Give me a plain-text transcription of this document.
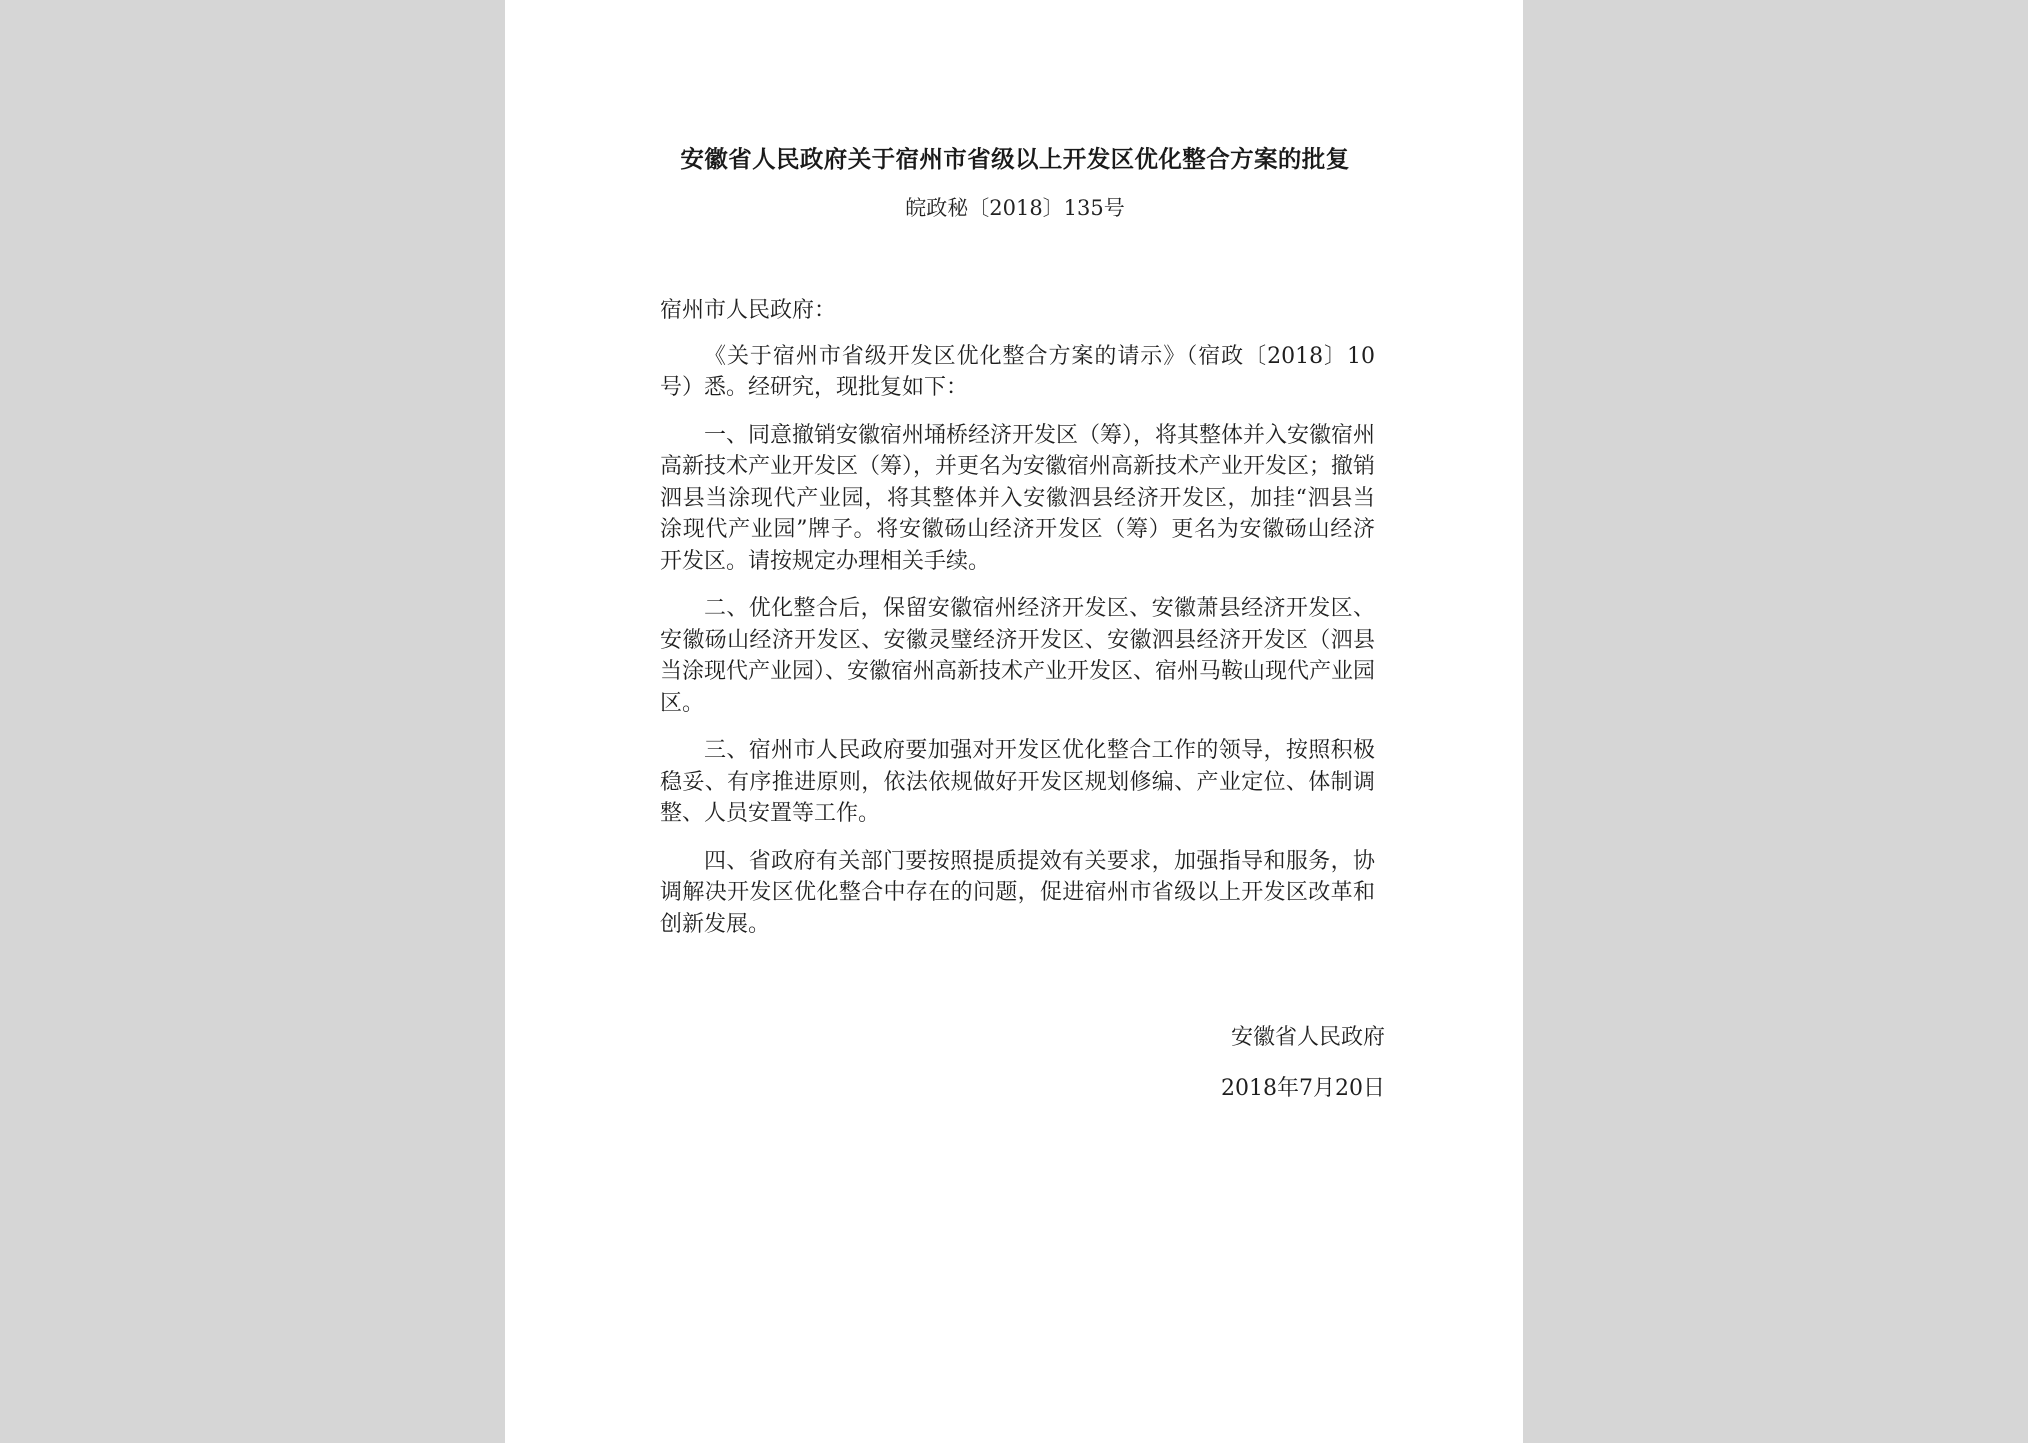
安徽省人民政府关于宿州市省级以上开发区优化整合方案的批复
皖政秘〔2018〕135号
宿州市人民政府：

《关于宿州市省级开发区优化整合方案的请示》（宿政〔2018〕10号）悉。经研究，现批复如下：

一、同意撤销安徽宿州埇桥经济开发区（筹），将其整体并入安徽宿州高新技术产业开发区（筹），并更名为安徽宿州高新技术产业开发区；撤销泗县当涂现代产业园，将其整体并入安徽泗县经济开发区，加挂“泗县当涂现代产业园”牌子。将安徽砀山经济开发区（筹）更名为安徽砀山经济开发区。请按规定办理相关手续。

二、优化整合后，保留安徽宿州经济开发区、安徽萧县经济开发区、安徽砀山经济开发区、安徽灵璧经济开发区、安徽泗县经济开发区（泗县当涂现代产业园）、安徽宿州高新技术产业开发区、宿州马鞍山现代产业园区。

三、宿州市人民政府要加强对开发区优化整合工作的领导，按照积极稳妥、有序推进原则，依法依规做好开发区规划修编、产业定位、体制调整、人员安置等工作。

四、省政府有关部门要按照提质提效有关要求，加强指导和服务，协调解决开发区优化整合中存在的问题，促进宿州市省级以上开发区改革和创新发展。

安徽省人民政府
2018年7月20日
